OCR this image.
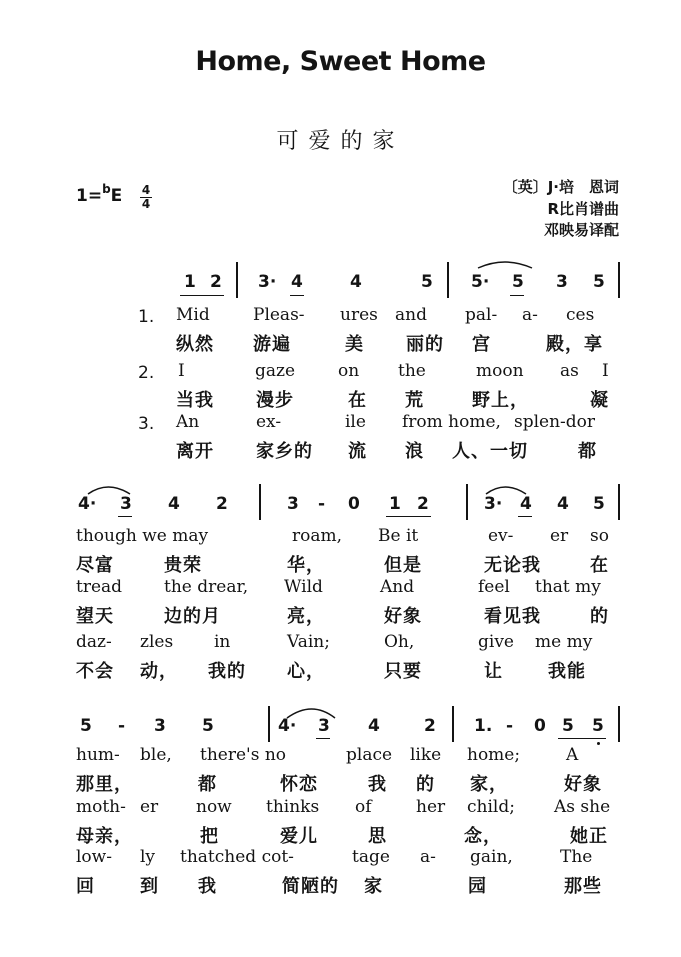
Home, Sweet Home
可爱的家
$1=^bE \frac{4}{4}$	〔英〕J·培　恩词
R比肖谱曲
邓映易译配
1 2 3· 4	4	5 5· 5 3 5
1. Mid	Pleas- ures and pal- a- ces
纵然 游遍	美 丽的 宫	殿，享
2. I	gaze	on the	moon as I
当我 漫步	在 荒	野上，	凝
3. An	ex-	ile from home, splen-dor
离开 家乡的 流 浪 人、一切	都
4· 3 4 2	3 - 0 1 2	3· 4 4 5
though we may	roam, Be it	ev- er so
尽富	贵荣	华，	但是	无论我	在
tread the drear, Wild	And	feel that my
望天	边的月	亮，	好象	看见我	的
daz- zles in	Vain;	Oh,	give me my
不会 动， 我的 心，	只要	让	我能
5 - 3 5	4· 3 4	2 1. - 0 5 5
hum- ble, there's no	place like home;	A
那里，	都	怀恋	我 的 家，	好象
moth- er now thinks of	her child; As she
母亲，	把	爱儿	思	念，	她正
low- ly thatched cot-	tage a- gain,	The
回	到 我	简陋的 家	园	那些
